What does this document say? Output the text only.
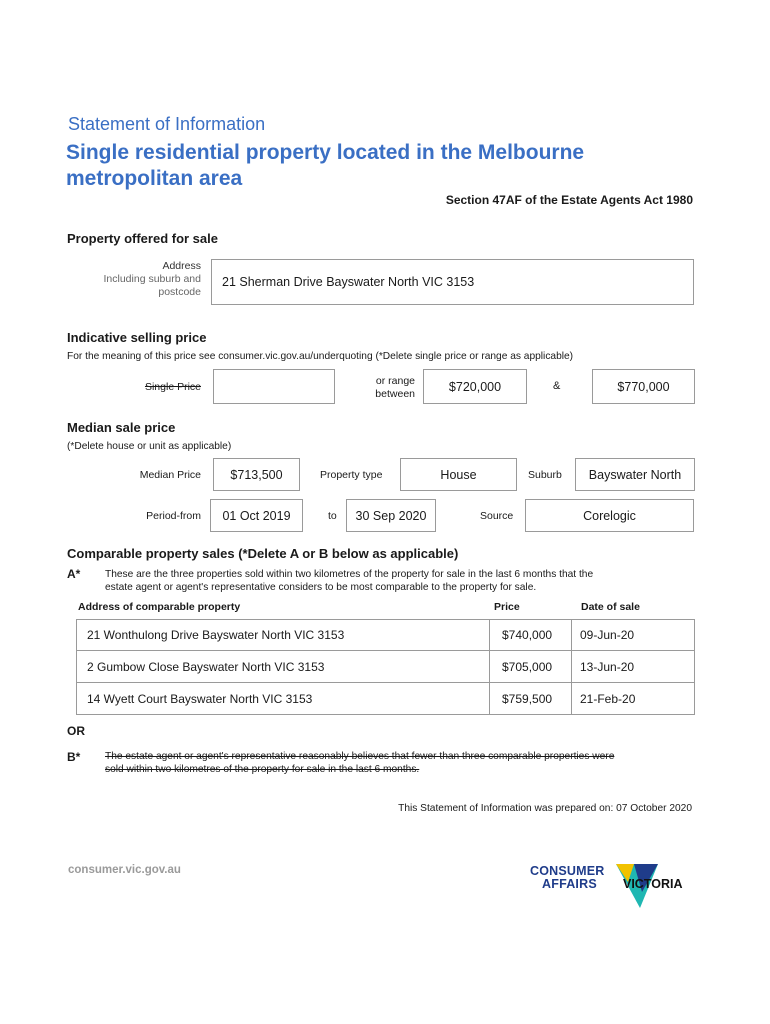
Statement of Information
Single residential property located in the Melbourne
metropolitan area
Section 47AF of the Estate Agents Act 1980
Property offered for sale
Address
Including suburb and
postcode
21 Sherman Drive Bayswater North VIC 3153
Indicative selling price
For the meaning of this price see consumer.vic.gov.au/underquoting (*Delete single price or range as applicable)
Single Price	or range
between
$720,000	&	$770,000
Median sale price
(*Delete house or unit as applicable)
Median Price $713,500	Property type	House	Suburb Bayswater North
Period-from 01 Oct 2019	to 30 Sep 2020	Source	Corelogic
Comparable property sales (*Delete A or B below as applicable)
A* These are the three properties sold within two kilometres of the property for sale in the last 6 months that the
estate agent or agent's representative considers to be most comparable to the property for sale.
Address of comparable property	Price	Date of sale
21 Wonthulong Drive Bayswater North VIC 3153	$740,000 09-Jun-20
2 Gumbow Close Bayswater North VIC 3153	$705,000 13-Jun-20
14 Wyett Court Bayswater North VIC 3153	$759,500 21-Feb-20
OR
B* The estate agent or agent's representative reasonably believes that fewer than three comparable properties were
sold within two kilometres of the property for sale in the last 6 months.
This Statement of Information was prepared on: 07 October 2020
consumer.vic.gov.au	CONSUMER
AFFAIRS VICTORIA
